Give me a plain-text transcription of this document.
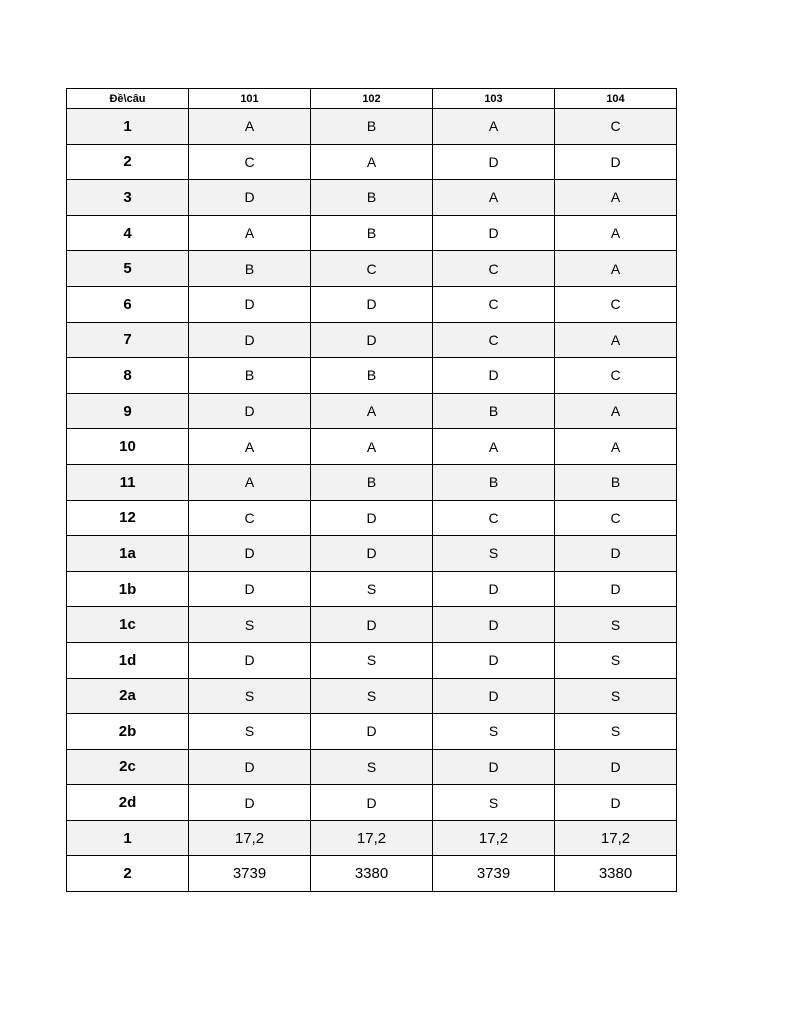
Đề\câu	101	102	103	104
1	A	B	A	C
2	C	A	D	D
3	D	B	A	A
4	A	B	D	A
5	B	C	C	A
6	D	D	C	C
7	D	D	C	A
8	B	B	D	C
9	D	A	B	A
10	A	A	A	A
11	A	B	B	B
12	C	D	C	C
1a	D	D	S	D
1b	D	S	D	D
1c	S	D	D	S
1d	D	S	D	S
2a	S	S	D	S
2b	S	D	S	S
2c	D	S	D	D
2d	D	D	S	D
1	17,2	17,2	17,2	17,2
2	3739	3380	3739	3380
